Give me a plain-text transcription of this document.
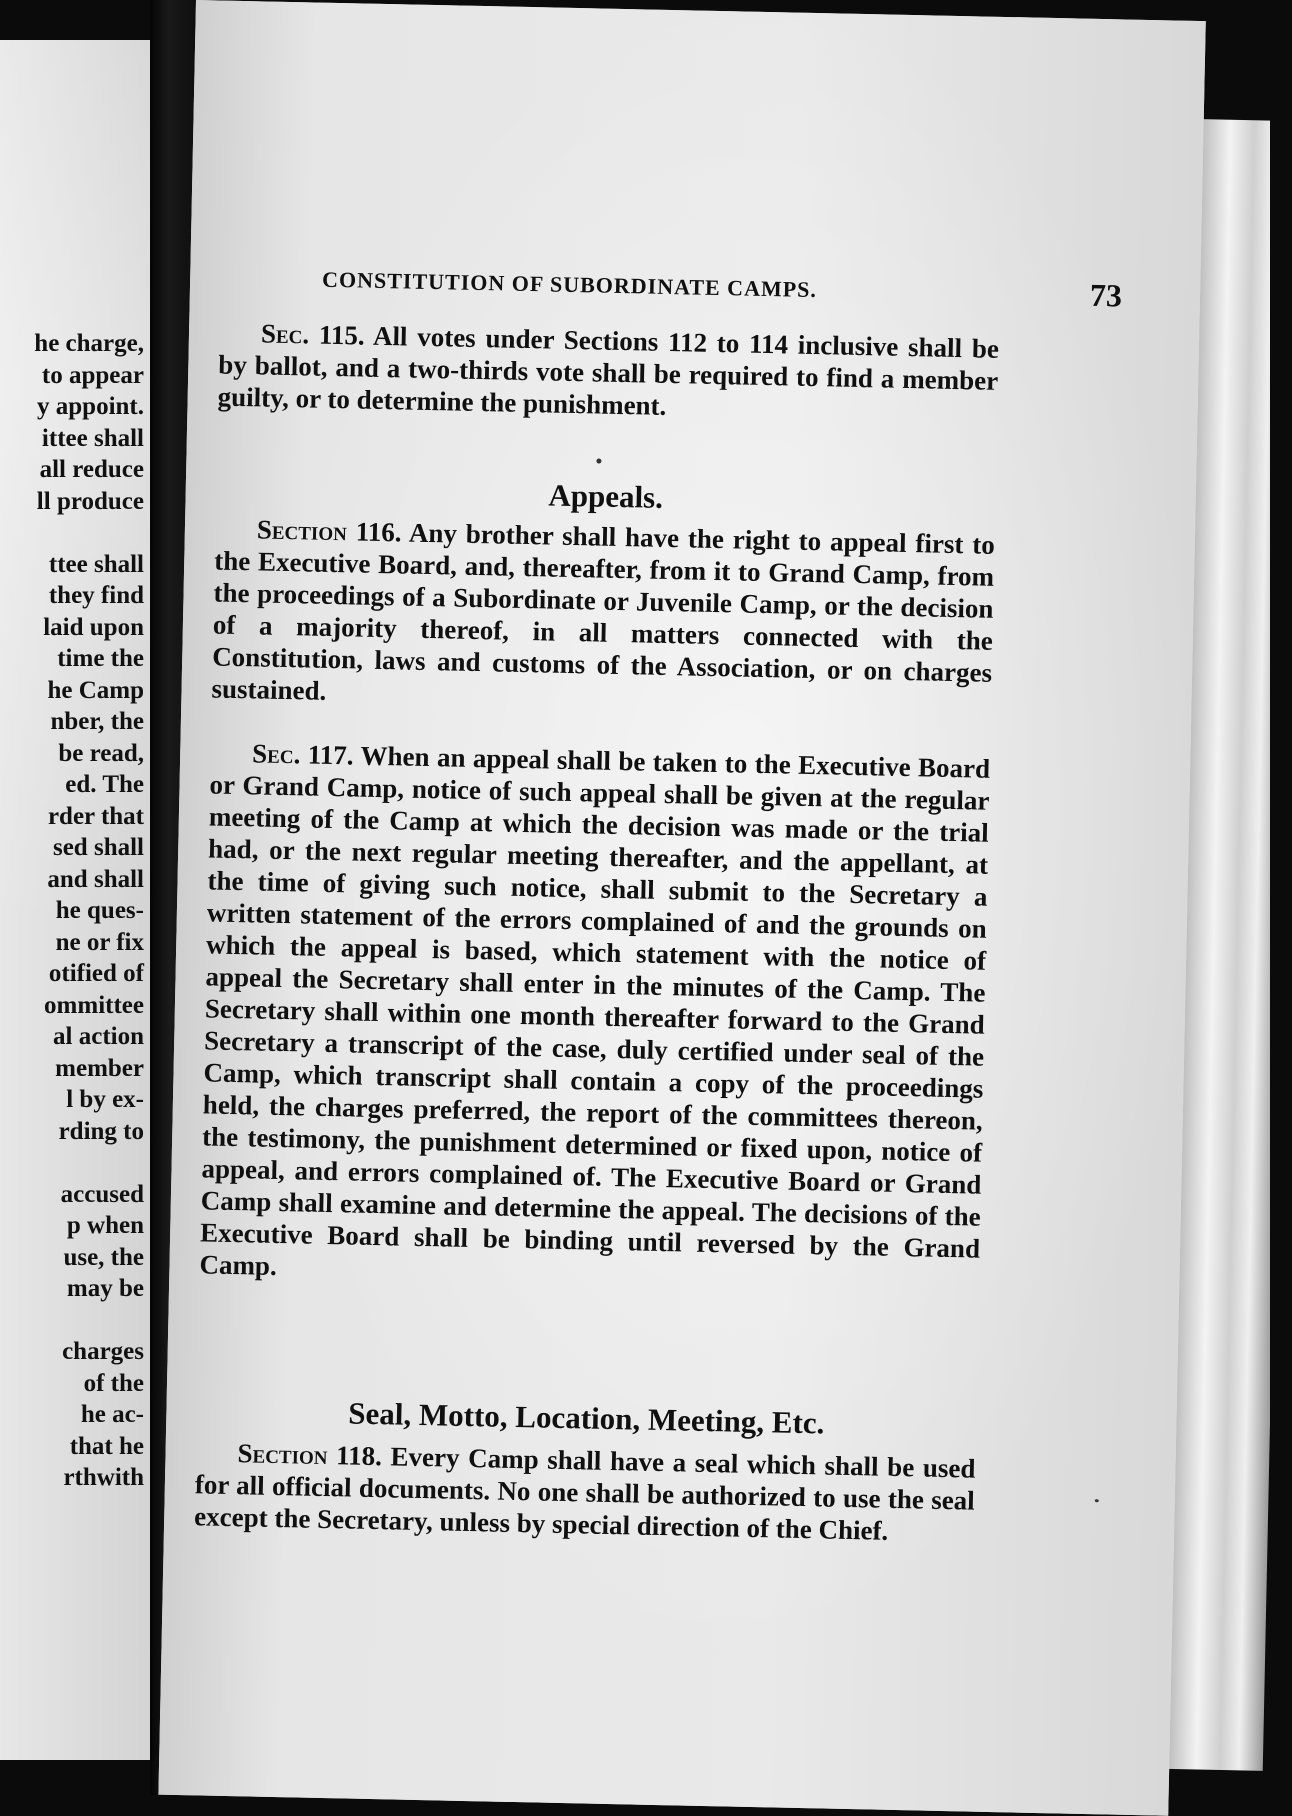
he charge,
to appear
y appoint.
ittee shall
all reduce
ll produce
ttee shall
they find
laid upon
time the
he Camp
nber, the
be read,
ed. The
rder that
sed shall
and shall
he ques-
ne or fix
otified of
ommittee
al action
member
l by ex-
rding to
accused
p when
use, the
may be
charges
of the
he ac-
that he
rthwith
CONSTITUTION OF SUBORDINATE CAMPS.	73
Sec. 115. All votes under Sections 112 to 114 inclusive shall be by ballot, and a two-thirds vote shall be required to find a member guilty, or to determine the punishment.
Appeals.
Section 116. Any brother shall have the right to appeal first to the Executive Board, and, thereafter, from it to Grand Camp, from the proceedings of a Subordinate or Juvenile Camp, or the decision of a majority thereof, in all matters connected with the Constitution, laws and customs of the Association, or on charges sustained.
Sec. 117. When an appeal shall be taken to the Executive Board or Grand Camp, notice of such appeal shall be given at the regular meeting of the Camp at which the decision was made or the trial had, or the next regular meeting thereafter, and the appellant, at the time of giving such notice, shall submit to the Secretary a written statement of the errors complained of and the grounds on which the appeal is based, which statement with the notice of appeal the Secretary shall enter in the minutes of the Camp. The Secretary shall within one month thereafter forward to the Grand Secretary a transcript of the case, duly certified under seal of the Camp, which transcript shall contain a copy of the proceedings held, the charges preferred, the report of the committees thereon, the testimony, the punishment determined or fixed upon, notice of appeal, and errors complained of. The Executive Board or Grand Camp shall examine and determine the appeal. The decisions of the Executive Board shall be binding until reversed by the Grand Camp.
Seal, Motto, Location, Meeting, Etc.
Section 118. Every Camp shall have a seal which shall be used for all official documents. No one shall be authorized to use the seal except the Secretary, unless by special direction of the Chief.
